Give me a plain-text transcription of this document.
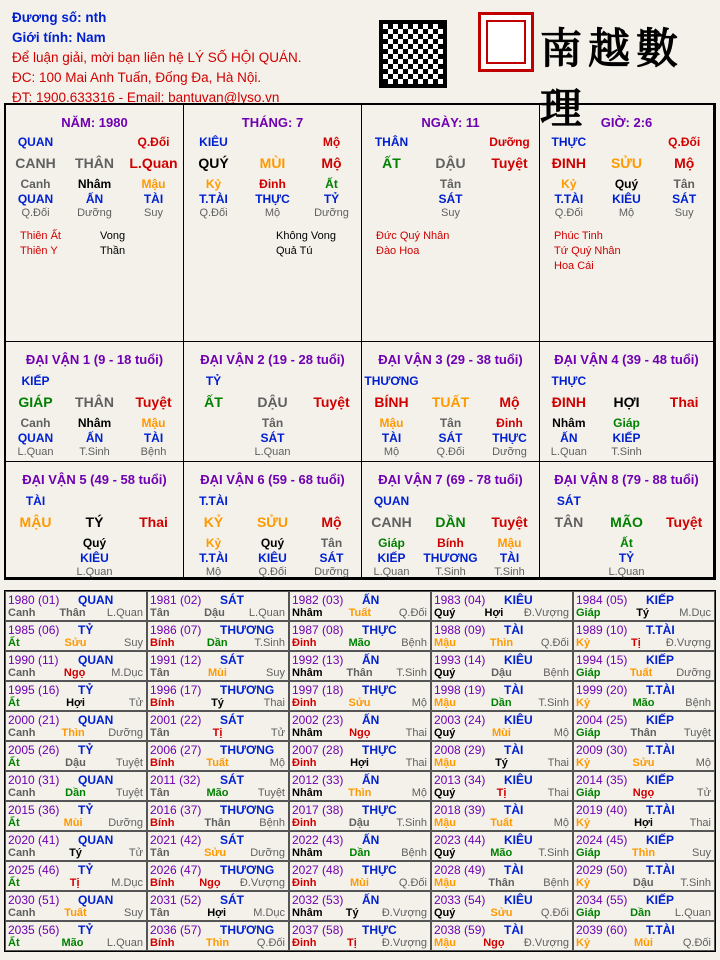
Đương số: nth
Giới tính: Nam
Để luận giải, mời bạn liên hệ LÝ SỐ HỘI QUÁN.
ĐC: 100 Mai Anh Tuấn, Đống Đa, Hà Nội.
ĐT: 1900.633316 - Email: bantuvan@lyso.vn
南越數理
NĂM: 1980
QUAN	Q.Đối
CANH	THÂN	L.Quan
Canh	Nhâm	Mậu
QUAN	ẤN	TÀI
Q.Đối	Dưỡng	Suy
Thiên Ất	Vong Thần
Thiên Y
THÁNG: 7
KIÊU	Mộ
QUÝ	MÙI	Mộ
Kỷ	Đinh	Ất
T.TÀI	THỰC	TỶ
Q.Đối	Mộ	Dưỡng
Không Vong
Quả Tú
NGÀY: 11
THÂN	Dưỡng
ẤT	DẬU	Tuyệt
Tân
SÁT
Suy
Đức Quý Nhân
Đào Hoa
GIỜ: 2:6
THỰC	Q.Đối
ĐINH	SỬU	Mộ
Kỷ	Quý	Tân
T.TÀI	KIÊU	SÁT
Q.Đối	Mộ	Suy
Phúc Tinh
Tứ Quý Nhân
Hoa Cái
ĐẠI VẬN 1 (9 - 18 tuổi)
KIẾP
GIÁP	THÂN	Tuyệt
Canh	Nhâm	Mậu
QUAN	ẤN	TÀI
L.Quan	T.Sinh	Bệnh
ĐẠI VẬN 2 (19 - 28 tuổi)
TỶ
ẤT	DẬU	Tuyệt
Tân
SÁT
L.Quan
ĐẠI VẬN 3 (29 - 38 tuổi)
THƯƠNG
BÍNH	TUẤT	Mộ
Mậu	Tân	Đinh
TÀI	SÁT	THỰC
Mộ	Q.Đối	Dưỡng
ĐẠI VẬN 4 (39 - 48 tuổi)
THỰC
ĐINH	HỢI	Thai
Nhâm	Giáp
ẤN	KIẾP
L.Quan	T.Sinh
ĐẠI VẬN 5 (49 - 58 tuổi)
TÀI
MẬU	TÝ	Thai
Quý
KIÊU
L.Quan
ĐẠI VẬN 6 (59 - 68 tuổi)
T.TÀI
KỶ	SỬU	Mộ
Kỷ	Quý	Tân
T.TÀI	KIÊU	SÁT
Mộ	Q.Đối	Dưỡng
ĐẠI VẬN 7 (69 - 78 tuổi)
QUAN
CANH	DẦN	Tuyệt
Giáp	Bính	Mậu
KIẾP	THƯƠNG	TÀI
L.Quan	T.Sinh	T.Sinh
ĐẠI VẬN 8 (79 - 88 tuổi)
SÁT
TÂN	MÃO	Tuyệt
Ất
TỶ
L.Quan
1980 (01) QUAN
Canh Thân L.Quan
1981 (02) SÁT
Tân	Dậu	L.Quan
1982 (03) ẤN
Nhâm	Tuất	Q.Đối
1983 (04) KIÊU
Quý	Hợi	Đ.Vượng
1984 (05) KIẾP
Giáp	Tý	M.Dục
1985 (06) TỶ
Ất	Sửu	Suy
1986 (07) THƯƠNG
Bính	Dần	T.Sinh
1987 (08) THỰC
Đinh	Mão	Bệnh
1988 (09) TÀI
Mậu	Thìn	Q.Đối
1989 (10) T.TÀI
Kỷ	Tị	Đ.Vượng
1990 (11) QUAN
Canh	Ngọ	M.Dục
1991 (12) SÁT
Tân	Mùi	Suy
1992 (13) ẤN
Nhâm Thân T.Sinh
1993 (14) KIÊU
Quý	Dậu	Bệnh
1994 (15) KIẾP
Giáp	Tuất	Dưỡng
1995 (16) TỶ
Ất	Hợi	Tử
1996 (17) THƯƠNG
Bính	Tý	Thai
1997 (18) THỰC
Đinh	Sửu	Mộ
1998 (19) TÀI
Mậu	Dần	T.Sinh
1999 (20) T.TÀI
Kỷ	Mão	Bệnh
2000 (21) QUAN
Canh	Thìn	Dưỡng
2001 (22) SÁT
Tân	Tị	Tử
2002 (23) ẤN
Nhâm	Ngọ	Thai
2003 (24) KIÊU
Quý	Mùi	Mộ
2004 (25) KIẾP
Giáp	Thân Tuyệt
2005 (26) TỶ
Ất	Dậu	Tuyệt
2006 (27) THƯƠNG
Bính	Tuất	Mộ
2007 (28) THỰC
Đinh	Hợi	Thai
2008 (29) TÀI
Mậu	Tý	Thai
2009 (30) T.TÀI
Kỷ	Sửu	Mộ
2010 (31) QUAN
Canh	Dần	Tuyệt
2011 (32) SÁT
Tân	Mão	Tuyệt
2012 (33) ẤN
Nhâm	Thìn	Mộ
2013 (34) KIÊU
Quý	Tị	Thai
2014 (35) KIẾP
Giáp	Ngọ	Tử
2015 (36) TỶ
Ất	Mùi	Dưỡng
2016 (37) THƯƠNG
Bính	Thân	Bệnh
2017 (38) THỰC
Đinh	Dậu	T.Sinh
2018 (39) TÀI
Mậu	Tuất	Mộ
2019 (40) T.TÀI
Kỷ	Hợi	Thai
2020 (41) QUAN
Canh	Tý	Tử
2021 (42) SÁT
Tân	Sửu	Dưỡng
2022 (43) ẤN
Nhâm	Dần	Bệnh
2023 (44) KIÊU
Quý	Mão	T.Sinh
2024 (45) KIẾP
Giáp	Thìn	Suy
2025 (46) TỶ
Ất	Tị	M.Dục
2026 (47) THƯƠNG
Bính	Ngọ	Đ.Vượng
2027 (48) THỰC
Đinh	Mùi	Q.Đối
2028 (49) TÀI
Mậu	Thân	Bệnh
2029 (50) T.TÀI
Kỷ	Dậu	T.Sinh
2030 (51) QUAN
Canh	Tuất	Suy
2031 (52) SÁT
Tân	Hợi	M.Dục
2032 (53) ẤN
Nhâm	Tý	Đ.Vượng
2033 (54) KIÊU
Quý	Sửu	Q.Đối
2034 (55) KIẾP
Giáp	Dần	L.Quan
2035 (56) TỶ
Ất	Mão	L.Quan
2036 (57) THƯƠNG
Bính	Thìn	Q.Đối
2037 (58) THỰC
Đinh	Tị	Đ.Vượng
2038 (59) TÀI
Mậu	Ngọ	Đ.Vượng
2039 (60) T.TÀI
Kỷ	Mùi	Q.Đối
